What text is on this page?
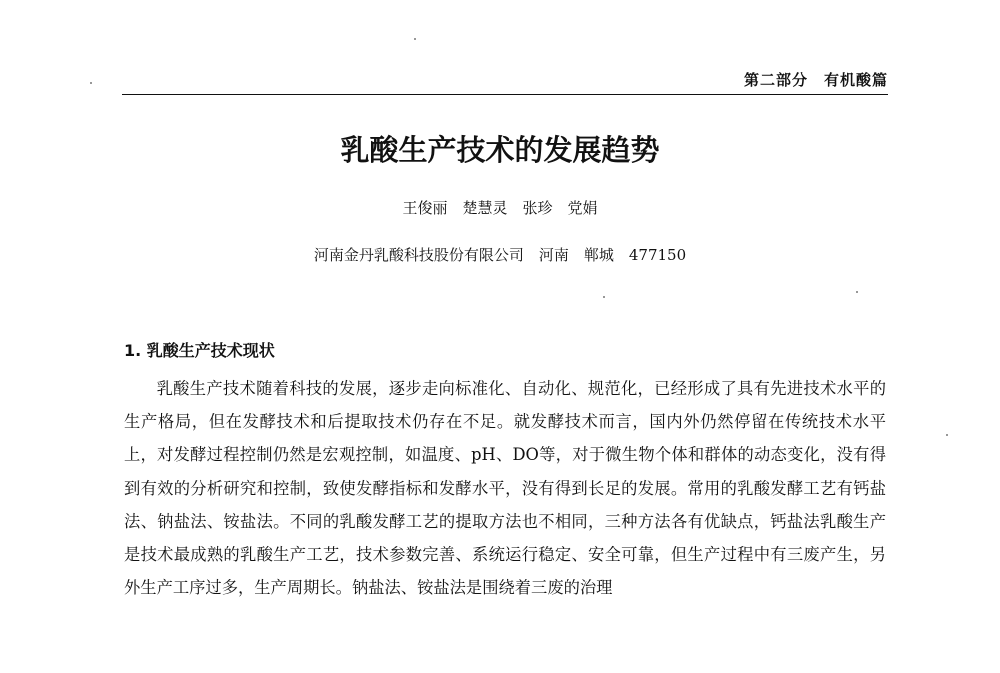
第二部分　有机酸篇
乳酸生产技术的发展趋势
王俊丽　楚慧灵　张珍　党娟
河南金丹乳酸科技股份有限公司　河南　郸城　477150
1. 乳酸生产技术现状

乳酸生产技术随着科技的发展，逐步走向标准化、自动化、规范化，已经形成了具有先进技术水平的生产格局，但在发酵技术和后提取技术仍存在不足。就发酵技术而言，国内外仍然停留在传统技术水平上，对发酵过程控制仍然是宏观控制，如温度、pH、DO等，对于微生物个体和群体的动态变化，没有得到有效的分析研究和控制，致使发酵指标和发酵水平，没有得到长足的发展。常用的乳酸发酵工艺有钙盐法、钠盐法、铵盐法。不同的乳酸发酵工艺的提取方法也不相同，三种方法各有优缺点，钙盐法乳酸生产是技术最成熟的乳酸生产工艺，技术参数完善、系统运行稳定、安全可靠，但生产过程中有三废产生，另外生产工序过多，生产周期长。钠盐法、铵盐法是围绕着三废的治理
